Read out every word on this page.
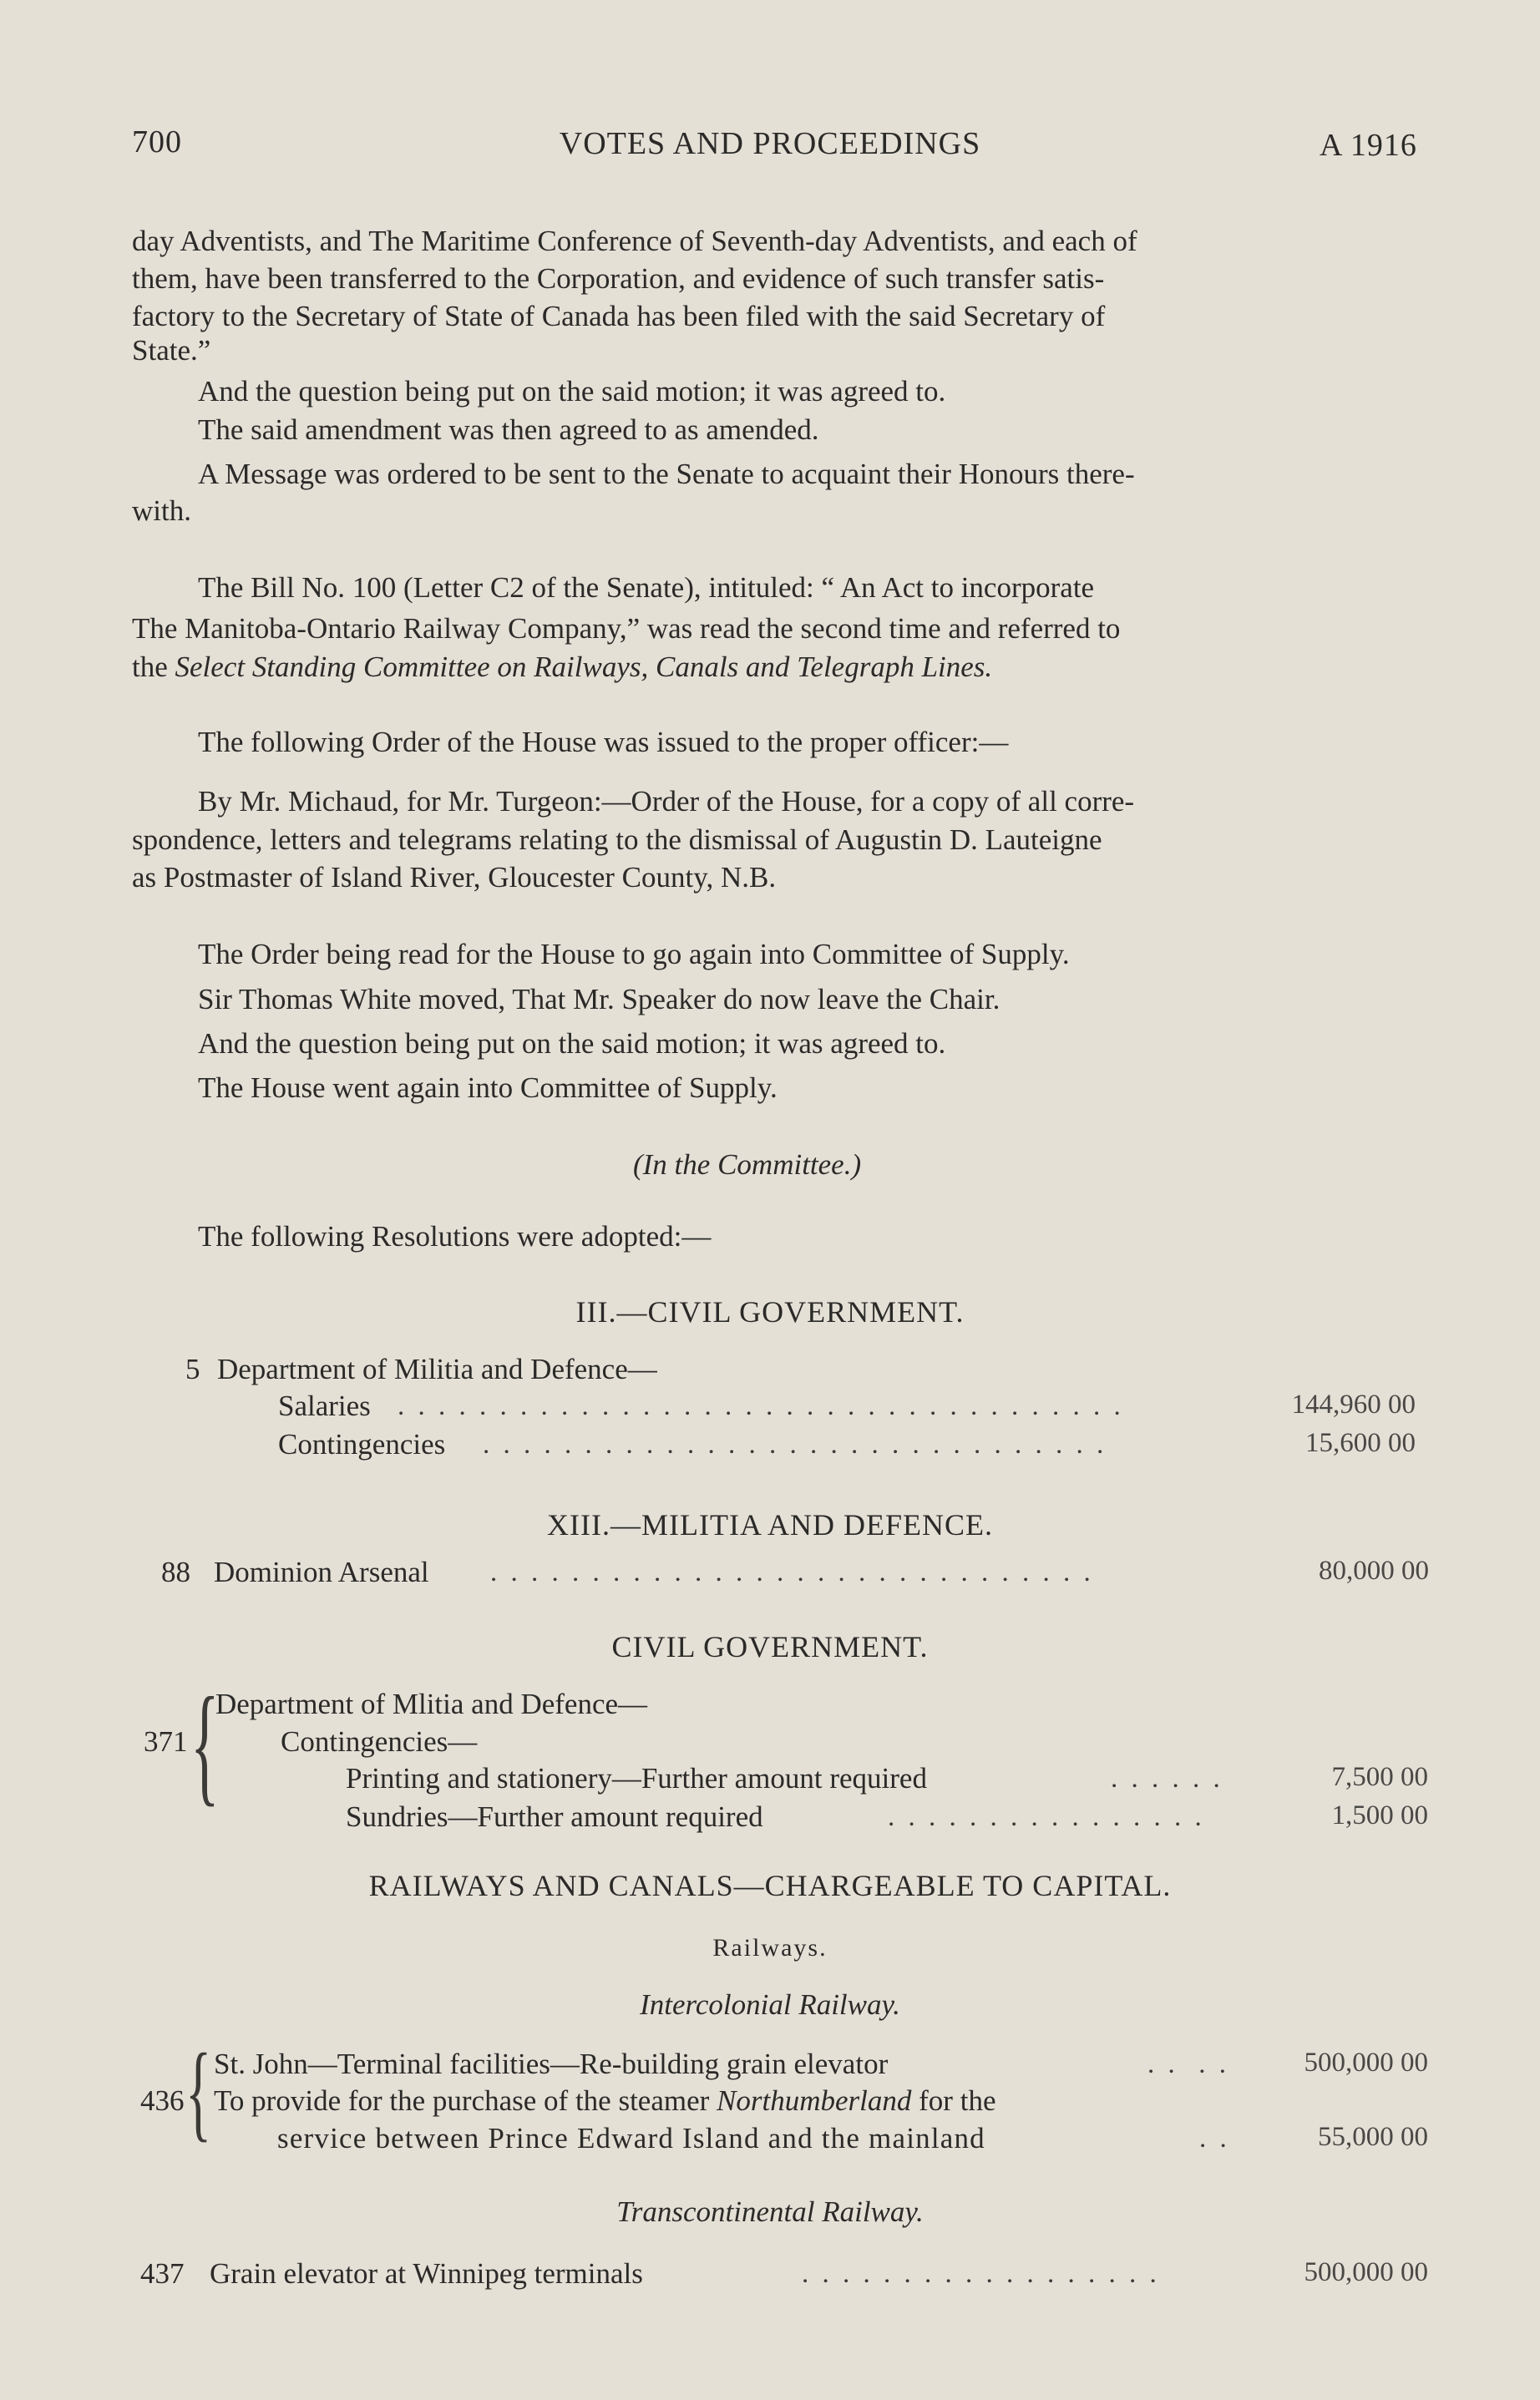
700	VOTES AND PROCEEDINGS	A 1916
day Adventists, and The Maritime Conference of Seventh-day Adventists, and each of
them, have been transferred to the Corporation, and evidence of such transfer satis-
factory to the Secretary of State of Canada has been filed with the said Secretary of
State.”
And the question being put on the said motion; it was agreed to.
The said amendment was then agreed to as amended.
A Message was ordered to be sent to the Senate to acquaint their Honours there-
with.
The Bill No. 100 (Letter C2 of the Senate), intituled: “ An Act to incorporate
The Manitoba-Ontario Railway Company,” was read the second time and referred to
the Select Standing Committee on Railways, Canals and Telegraph Lines.
The following Order of the House was issued to the proper officer:—
By Mr. Michaud, for Mr. Turgeon:—Order of the House, for a copy of all corre-
spondence, letters and telegrams relating to the dismissal of Augustin D. Lauteigne
as Postmaster of Island River, Gloucester County, N.B.
The Order being read for the House to go again into Committee of Supply.
Sir Thomas White moved, That Mr. Speaker do now leave the Chair.
And the question being put on the said motion; it was agreed to.
The House went again into Committee of Supply.
(In the Committee.)
The following Resolutions were adopted:—
III.—CIVIL GOVERNMENT.
5 Department of Militia and Defence—
Salaries . . . . . . . . . . . . . . . . . . . . . . . . . . . . . . . . . . . .	144,960 00
Contingencies . . . . . . . . . . . . . . . . . . . . . . . . . . . . . . .	15,600 00
XIII.—MILITIA AND DEFENCE.
88 Dominion Arsenal . . . . . . . . . . . . . . . . . . . . . . . . . . . . . .	80,000 00
CIVIL GOVERNMENT.
{
371
Department of Mlitia and Defence—
Contingencies—
Printing and stationery—Further amount required	. . . . . .	7,500 00
Sundries—Further amount required	. . . . . . . . . . . . . . . .	1,500 00
RAILWAYS AND CANALS—CHARGEABLE TO CAPITAL.
Railways.
Intercolonial Railway.
{
436
St. John—Terminal facilities—Re-building grain elevator	. .  . .	500,000 00
To provide for the purchase of the steamer Northumberland for the
service between Prince Edward Island and the mainland	. .	55,000 00
Transcontinental Railway.
437 Grain elevator at Winnipeg terminals	. . . . . . . . . . . . . . . . . .	500,000 00
